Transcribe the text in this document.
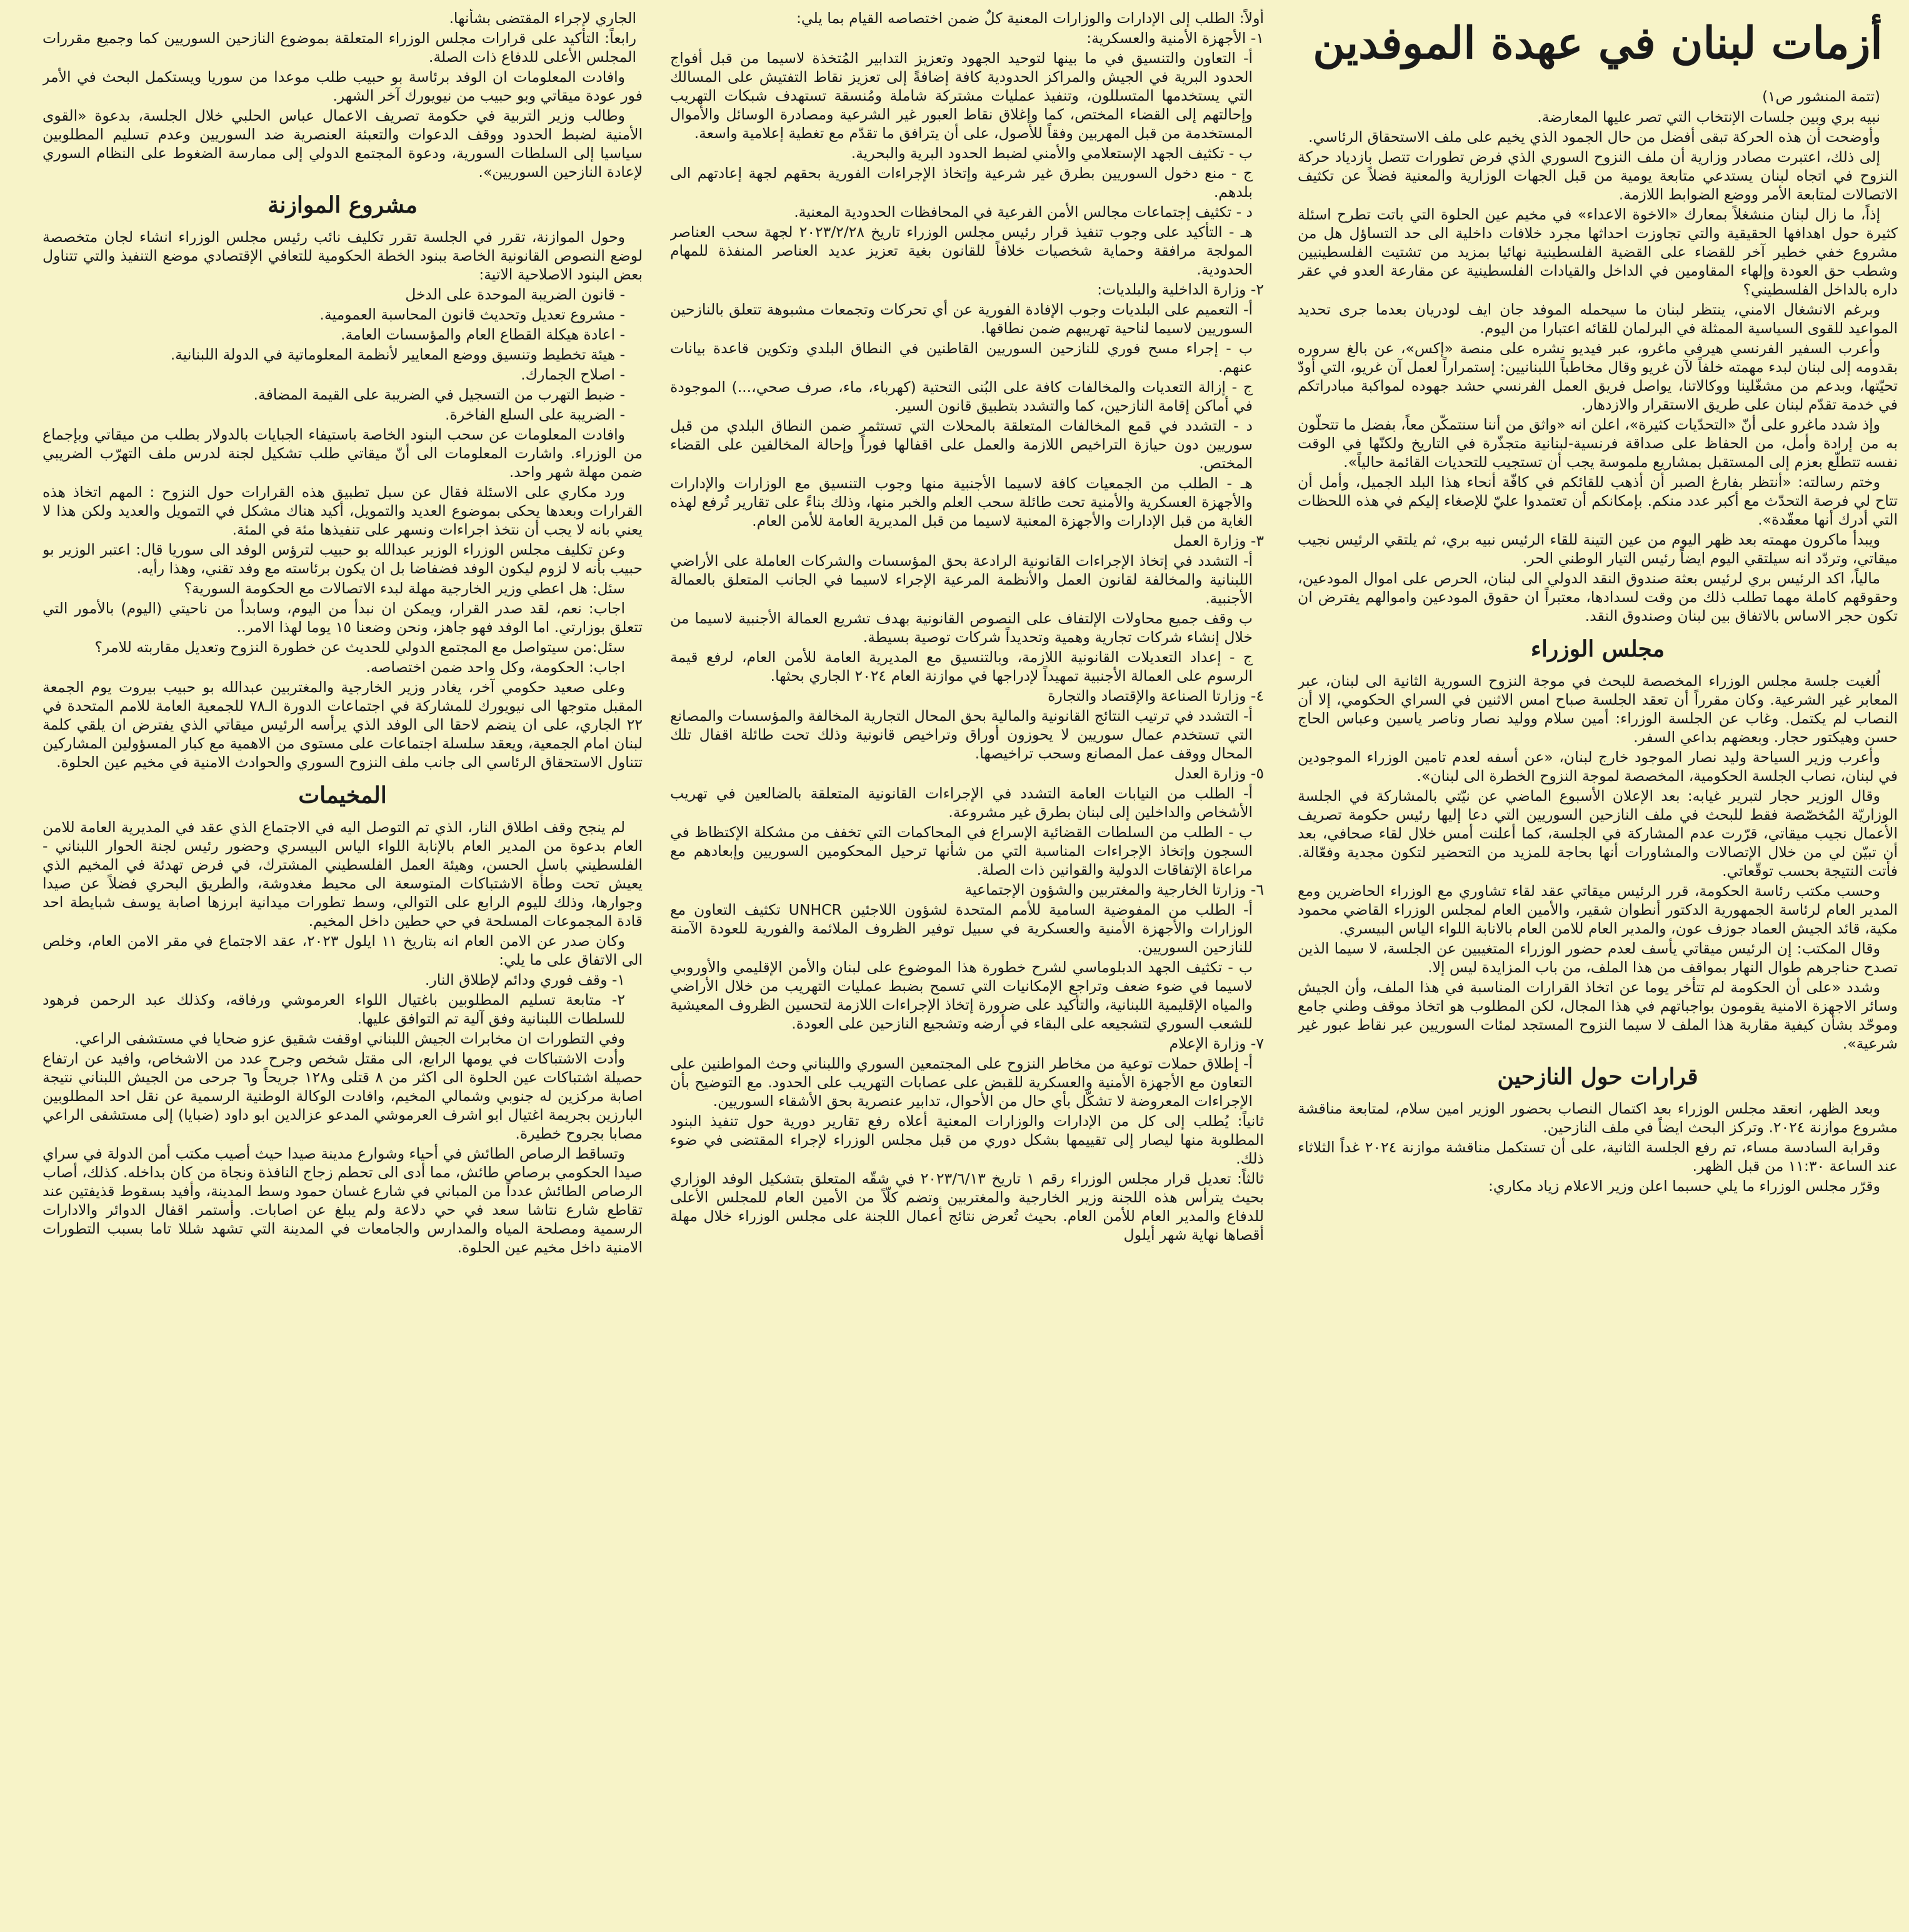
أزمات لبنان في عهدة الموفدين

(تتمة المنشور ص١)

نبيه بري وبين جلسات الإنتخاب التي تصر عليها المعارضة.

وأوضحت أن هذه الحركة تبقى أفضل من حال الجمود الذي يخيم على ملف الاستحقاق الرئاسي.

إلى ذلك، اعتبرت مصادر وزارية أن ملف النزوح السوري الذي فرض تطورات تتصل بازدياد حركة النزوح في اتجاه لبنان يستدعي متابعة يومية من قبل الجهات الوزارية والمعنية فضلاً عن تكثيف الاتصالات لمتابعة الأمر ووضع الضوابط اللازمة.

إذاً، ما زال لبنان منشغلاً بمعارك «الاخوة الاعداء» في مخيم عين الحلوة التي باتت تطرح اسئلة كثيرة حول اهدافها الحقيقية والتي تجاوزت احداثها مجرد خلافات داخلية الى حد التساؤل هل من مشروع خفي خطير آخر للقضاء على القضية الفلسطينية نهائيا بمزيد من تشتيت الفلسطينيين وشطب حق العودة وإلهاء المقاومين في الداخل والقيادات الفلسطينية عن مقارعة العدو في عقر داره بالداخل الفلسطيني؟

وبرغم الانشغال الامني، ينتظر لبنان ما سيحمله الموفد جان ايف لودريان بعدما جرى تحديد المواعيد للقوى السياسية الممثلة في البرلمان للقائه اعتبارا من اليوم.

وأعرب السفير الفرنسي هيرفي ماغرو، عبر فيديو نشره على منصة «إكس»، عن بالغ سروره بقدومه إلى لبنان لبدء مهمته خلفاً لآن غريو وقال مخاطباً اللبنانيين: إستمراراً لعمل آن غريو، التي أودّ تحيّتها، وبدعم من مشغّلينا ووكالاتنا، يواصل فريق العمل الفرنسي حشد جهوده لمواكبة مبادراتكم في خدمة تقدّم لبنان على طريق الاستقرار والازدهار.

وإذ شدد ماغرو على أنّ «التحدّيات كثيرة»، اعلن انه «واثق من أننا سنتمكّن معاً، بفضل ما تتحلّون به من إرادة وأمل، من الحفاظ على صداقة فرنسية-لبنانية متجذّرة في التاريخ ولكنّها في الوقت نفسه تتطلّع بعزم إلى المستقبل بمشاريع ملموسة يجب أن تستجيب للتحديات القائمة حالياً».

وختم رسالته: «أنتظر بفارغ الصبر أن أذهب للقائكم في كافّة أنحاء هذا البلد الجميل، وأمل أن تتاح لي فرصة التحدّث مع أكبر عدد منكم. بإمكانكم أن تعتمدوا عليّ للإصغاء إليكم في هذه اللحظات التي أدرك أنها معقّدة».

ويبدأ ماكرون مهمته بعد ظهر اليوم من عين التينة للقاء الرئيس نبيه بري، ثم يلتقي الرئيس نجيب ميقاتي، وتردّد انه سيلتقي اليوم ايضاً رئيس التيار الوطني الحر.

مالياً، اكد الرئيس بري لرئيس بعثة صندوق النقد الدولي الى لبنان، الحرص على اموال المودعين، وحقوقهم كاملة مهما تطلب ذلك من وقت لسدادها، معتبراً ان حقوق المودعين واموالهم يفترض ان تكون حجر الاساس بالاتفاق بين لبنان وصندوق النقد.

مجلس الوزراء

اُلغيت جلسة مجلس الوزراء المخصصة للبحث في موجة النزوح السورية الثانية الى لبنان، عبر المعابر غير الشرعية. وكان مقرراً أن تعقد الجلسة صباح امس الاثنين في السراي الحكومي، إلا أن النصاب لم يكتمل. وغاب عن الجلسة الوزراء: أمين سلام ووليد نصار وناصر ياسين وعباس الحاج حسن وهيكتور حجار. وبعضهم بداعي السفر.

وأعرب وزير السياحة وليد نصار الموجود خارج لبنان، «عن أسفه لعدم تامين الوزراء الموجودين في لبنان، نصاب الجلسة الحكومية، المخصصة لموجة النزوح الخطرة الى لبنان».

وقال الوزير حجار لتبرير غيابه: بعد الإعلان الأسبوع الماضي عن نيّتي بالمشاركة في الجلسة الوزاريّة المُخصّصة فقط للبحث في ملف النازحين السوريين التي دعا إليها رئيس حكومة تصريف الأعمال نجيب ميقاتي، قرّرت عدم المشاركة في الجلسة، كما أعلنت أمس خلال لقاء صحافي، بعد أن تبيّن لي من خلال الإتصالات والمشاورات أنها بحاجة للمزيد من التحضير لتكون مجدية وفعّالة. فأتت النتيجة بحسب توقّعاتي.

وحسب مكتب رئاسة الحكومة، قرر الرئيس ميقاتي عقد لقاء تشاوري مع الوزراء الحاضرين ومع المدير العام لرئاسة الجمهورية الدكتور أنطوان شقير، والأمين العام لمجلس الوزراء القاضي محمود مكية، قائد الجيش العماد جوزف عون، والمدير العام للامن العام بالانابة اللواء الياس البيسري.

وقال المكتب: إن الرئيس ميقاتي يأسف لعدم حضور الوزراء المتغيبين عن الجلسة، لا سيما الذين تصدح حناجرهم طوال النهار بمواقف من هذا الملف، من باب المزايدة ليس إلا.

وشدد «على أن الحكومة لم تتأخر يوما عن اتخاذ القرارات المناسبة في هذا الملف، وأن الجيش وسائر الاجهزة الامنية يقومون بواجباتهم في هذا المجال، لكن المطلوب هو اتخاذ موقف وطني جامع وموحّد بشأن كيفية مقاربة هذا الملف لا سيما النزوح المستجد لمئات السوريين عبر نقاط عبور غير شرعية».

قرارات حول النازحين

وبعد الظهر، انعقد مجلس الوزراء بعد اكتمال النصاب بحضور الوزير امين سلام، لمتابعة مناقشة مشروع موازنة ٢٠٢٤. وتركز البحث ايضاً في ملف النازحين.

وقرابة السادسة مساء، تم رفع الجلسة الثانية، على أن تستكمل مناقشة موازنة ٢٠٢٤ غداً الثلاثاء عند الساعة ١١:٣٠ من قبل الظهر.

وقرّر مجلس الوزراء ما يلي حسبما اعلن وزير الاعلام زياد مكاري:

أولاً: الطلب إلى الإدارات والوزارات المعنية كلٌ ضمن اختصاصه القيام بما يلي:

١- الأجهزة الأمنية والعسكرية:

أ- التعاون والتنسيق في ما بينها لتوحيد الجهود وتعزيز التدابير المُتخذة لاسيما من قبل أفواج الحدود البرية في الجيش والمراكز الحدودية كافة إضافةً إلى تعزيز نقاط التفتيش على المسالك التي يستخدمها المتسللون، وتنفيذ عمليات مشتركة شاملة ومُنسقة تستهدف شبكات التهريب وإحالتهم إلى القضاء المختص، كما وإغلاق نقاط العبور غير الشرعية ومصادرة الوسائل والأموال المستخدمة من قبل المهربين وفقاً للأصول، على أن يترافق ما تقدّم مع تغطية إعلامية واسعة.

ب - تكثيف الجهد الإستعلامي والأمني لضبط الحدود البرية والبحرية.

ج - منع دخول السوريين بطرق غير شرعية وإتخاذ الإجراءات الفورية بحقهم لجهة إعادتهم الى بلدهم.

د - تكثيف إجتماعات مجالس الأمن الفرعية في المحافظات الحدودية المعنية.

هـ - التأكيد على وجوب تنفيذ قرار رئيس مجلس الوزراء تاريخ ٢٠٢٣/٢/٢٨ لجهة سحب العناصر المولجة مرافقة وحماية شخصيات خلافاً للقانون بغية تعزيز عديد العناصر المنفذة للمهام الحدودية.

٢- وزارة الداخلية والبلديات:

أ- التعميم على البلديات وجوب الإفادة الفورية عن أي تحركات وتجمعات مشبوهة تتعلق بالنازحين السوريين لاسيما لناحية تهريبهم ضمن نطاقها.

ب - إجراء مسح فوري للنازحين السوريين القاطنين في النطاق البلدي وتكوين قاعدة بيانات عنهم.

ج - إزالة التعديات والمخالفات كافة على البُنى التحتية (كهرباء، ماء، صرف صحي،...) الموجودة في أماكن إقامة النازحين، كما والتشدد بتطبيق قانون السير.

د - التشدد في قمع المخالفات المتعلقة بالمحلات التي تستثمر ضمن النطاق البلدي من قبل سوريين دون حيازة التراخيص اللازمة والعمل على اقفالها فوراً وإحالة المخالفين على القضاء المختص.

هـ - الطلب من الجمعيات كافة لاسيما الأجنبية منها وجوب التنسيق مع الوزارات والإدارات والأجهزة العسكرية والأمنية تحت طائلة سحب العلم والخبر منها، وذلك بناءً على تقارير تُرفع لهذه الغاية من قبل الإدارات والأجهزة المعنية لاسيما من قبل المديرية العامة للأمن العام.

٣- وزارة العمل

أ- التشدد في إتخاذ الإجراءات القانونية الرادعة بحق المؤسسات والشركات العاملة على الأراضي اللبنانية والمخالفة لقانون العمل والأنظمة المرعية الإجراء لاسيما في الجانب المتعلق بالعمالة الأجنبية.

ب وقف جميع محاولات الإلتفاف على النصوص القانونية بهدف تشريع العمالة الأجنبية لاسيما من خلال إنشاء شركات تجارية وهمية وتحديداً شركات توصية بسيطة.

ج - إعداد التعديلات القانونية اللازمة، وبالتنسيق مع المديرية العامة للأمن العام، لرفع قيمة الرسوم على العمالة الأجنبية تمهيداً لإدراجها في موازنة العام ٢٠٢٤ الجاري بحثها.

٤- وزارتا الصناعة والإقتصاد والتجارة

أ- التشدد في ترتيب النتائج القانونية والمالية بحق المحال التجارية المخالفة والمؤسسات والمصانع التي تستخدم عمال سوريين لا يحوزون أوراق وتراخيص قانونية وذلك تحت طائلة اقفال تلك المحال ووقف عمل المصانع وسحب تراخيصها.

٥- وزارة العدل

أ- الطلب من النيابات العامة التشدد في الإجراءات القانونية المتعلقة بالضالعين في تهريب الأشخاص والداخلين إلى لبنان بطرق غير مشروعة.

ب - الطلب من السلطات القضائية الإسراع في المحاكمات التي تخفف من مشكلة الإكتظاظ في السجون وإتخاذ الإجراءات المناسبة التي من شأنها ترحيل المحكومين السوريين وإبعادهم مع مراعاة الإتفاقات الدولية والقوانين ذات الصلة.

٦- وزارتا الخارجية والمغتربين والشؤون الإجتماعية

أ- الطلب من المفوضية السامية للأمم المتحدة لشؤون اللاجئين UNHCR تكثيف التعاون مع الوزارات والأجهزة الأمنية والعسكرية في سبيل توفير الظروف الملائمة والفورية للعودة الآمنة للنازحين السوريين.

ب - تكثيف الجهد الدبلوماسي لشرح خطورة هذا الموضوع على لبنان والأمن الإقليمي والأوروبي لاسيما في ضوء ضعف وتراجع الإمكانيات التي تسمح بضبط عمليات التهريب من خلال الأراضي والمياه الإقليمية اللبنانية، والتأكيد على ضرورة إتخاذ الإجراءات اللازمة لتحسين الظروف المعيشية للشعب السوري لتشجيعه على البقاء في أرضه وتشجيع النازحين على العودة.

٧- وزارة الإعلام

أ- إطلاق حملات توعية من مخاطر النزوح على المجتمعين السوري واللبناني وحث المواطنين على التعاون مع الأجهزة الأمنية والعسكرية للقبض على عصابات التهريب على الحدود. مع التوضيح بأن الإجراءات المعروضة لا تشكّل بأي حال من الأحوال، تدابير عنصرية بحق الأشقاء السوريين.

ثانياً: يُطلب إلى كل من الإدارات والوزارات المعنية أعلاه رفع تقارير دورية حول تنفيذ البنود المطلوبة منها ليصار إلى تقييمها بشكل دوري من قبل مجلس الوزراء لإجراء المقتضى في ضوء ذلك.

ثالثاً: تعديل قرار مجلس الوزراء رقم ١ تاريخ ٢٠٢٣/٦/١٣ في شقّه المتعلق بتشكيل الوفد الوزاري بحيث يترأس هذه اللجنة وزير الخارجية والمغتربين وتضم كلّاً من الأمين العام للمجلس الأعلى للدفاع والمدير العام للأمن العام. بحيث تُعرض نتائج أعمال اللجنة على مجلس الوزراء خلال مهلة أقصاها نهاية شهر أيلول

الجاري لإجراء المقتضى بشأنها.

رابعاً: التأكيد على قرارات مجلس الوزراء المتعلقة بموضوع النازحين السوريين كما وجميع مقررات المجلس الأعلى للدفاع ذات الصلة.

وافادت المعلومات ان الوفد برئاسة بو حبيب طلب موعدا من سوريا ويستكمل البحث في الأمر فور عودة ميقاتي وبو حبيب من نيويورك آخر الشهر.

وطالب وزير التربية في حكومة تصريف الاعمال عباس الحلبي خلال الجلسة، بدعوة «القوى الأمنية لضبط الحدود ووقف الدعوات والتعبئة العنصرية ضد السوريين وعدم تسليم المطلوبين سياسيا إلى السلطات السورية، ودعوة المجتمع الدولي إلى ممارسة الضغوط على النظام السوري لإعادة النازحين السوريين».

مشروع الموازنة

وحول الموازنة، تقرر في الجلسة تقرر تكليف نائب رئيس مجلس الوزراء انشاء لجان متخصصة لوضع النصوص القانونية الخاصة ببنود الخطة الحكومية للتعافي الإقتصادي موضع التنفيذ والتي تتناول بعض البنود الاصلاحية الاتية:

- قانون الضريبة الموحدة على الدخل

- مشروع تعديل وتحديث قانون المحاسبة العمومية.

- اعادة هيكلة القطاع العام والمؤسسات العامة.

- هيئة تخطيط وتنسيق ووضع المعايير لأنظمة المعلوماتية في الدولة اللبنانية.

- اصلاح الجمارك.

- ضبط التهرب من التسجيل في الضريبة على القيمة المضافة.

- الضريبة على السلع الفاخرة.

وافادت المعلومات عن سحب البنود الخاصة باستيفاء الجبايات بالدولار بطلب من ميقاتي وبإجماع من الوزراء. واشارت المعلومات الى أنّ ميقاتي طلب تشكيل لجنة لدرس ملف التهرّب الضريبي ضمن مهلة شهر واحد.

ورد مكاري على الاسئلة فقال عن سبل تطبيق هذه القرارات حول النزوح : المهم اتخاذ هذه القرارات وبعدها يحكى بموضوع العديد والتمويل، أكيد هناك مشكل في التمويل والعديد ولكن هذا لا يعني بانه لا يجب أن نتخذ اجراءات ونسهر على تنفيذها مئة في المئة.

وعن تكليف مجلس الوزراء الوزير عبدالله بو حبيب لترؤس الوفد الى سوريا قال: اعتبر الوزير بو حبيب بأنه لا لزوم ليكون الوفد فضفاضا بل ان يكون برئاسته مع وفد تقني، وهذا رأيه.

سئل: هل اعطي وزير الخارجية مهلة لبدء الاتصالات مع الحكومة السورية؟

اجاب: نعم، لقد صدر القرار، ويمكن ان نبدأ من اليوم، وسابدأ من ناحيتي (اليوم) بالأمور التي تتعلق بوزارتي. اما الوفد فهو جاهز، ونحن وضعنا ١٥ يوما لهذا الامر..

سئل:من سيتواصل مع المجتمع الدولي للحديث عن خطورة النزوح وتعديل مقاربته للامر؟

اجاب: الحكومة، وكل واحد ضمن اختصاصه.

وعلى صعيد حكومي آخر، يغادر وزير الخارجية والمغتربين عبدالله بو حبيب بيروت يوم الجمعة المقبل متوجها الى نيويورك للمشاركة في اجتماعات الدورة الـ٧٨ للجمعية العامة للامم المتحدة في ٢٢ الجاري، على ان ينضم لاحقا الى الوفد الذي يرأسه الرئيس ميقاتي الذي يفترض ان يلقي كلمة لبنان امام الجمعية، ويعقد سلسلة اجتماعات على مستوى من الاهمية مع كبار المسؤولين المشاركين تتناول الاستحقاق الرئاسي الى جانب ملف النزوح السوري والحوادث الامنية في مخيم عين الحلوة.

المخيمات

لم ينجح وقف اطلاق النار، الذي تم التوصل اليه في الاجتماع الذي عقد في المديرية العامة للامن العام بدعوة من المدير العام بالإنابة اللواء الياس البيسري وحضور رئيس لجنة الحوار اللبناني - الفلسطيني باسل الحسن، وهيئة العمل الفلسطيني المشترك، في فرض تهدئة في المخيم الذي يعيش تحت وطأة الاشتباكات المتوسعة الى محيط مغدوشة، والطريق البحري فضلاً عن صيدا وجوارها، وذلك لليوم الرابع على التوالي، وسط تطورات ميدانية ابرزها اصابة يوسف شبايطة احد قادة المجموعات المسلحة في حي حطين داخل المخيم.

وكان صدر عن الامن العام انه بتاريخ ١١ ايلول ٢٠٢٣، عقد الاجتماع في مقر الامن العام، وخلص الى الاتفاق على ما يلي:

١- وقف فوري ودائم لإطلاق النار.

٢- متابعة تسليم المطلوبين باغتيال اللواء العرموشي ورفاقه، وكذلك عبد الرحمن فرهود للسلطات اللبنانية وفق آلية تم التوافق عليها.

وفي التطورات ان مخابرات الجيش اللبناني اوقفت شقيق عزو ضحايا في مستشفى الراعي.

وأدت الاشتباكات في يومها الرابع، الى مقتل شخص وجرح عدد من الاشخاص، وافيد عن ارتفاع حصيلة اشتباكات عين الحلوة الى اكثر من ٨ قتلى و١٢٨ جريحاً و٦ جرحى من الجيش اللبناني نتيجة اصابة مركزين له جنوبي وشمالي المخيم، وافادت الوكالة الوطنية الرسمية عن نقل احد المطلوبين البارزين بجريمة اغتيال ابو اشرف العرموشي المدعو عزالدين ابو داود (ضبايا) إلى مستشفى الراعي مصابا بجروح خطيرة.

وتساقط الرصاص الطائش في أحياء وشوارع مدينة صيدا حيث أصيب مكتب أمن الدولة في سراي صيدا الحكومي برصاص طائش، مما أدى الى تحطم زجاج النافذة ونجاة من كان بداخله. كذلك، أصاب الرصاص الطائش عدداً من المباني في شارع غسان حمود وسط المدينة، وأفيد بسقوط قذيفتين عند تقاطع شارع نتاشا سعد في حي دلاعة ولم يبلغ عن اصابات. وأستمر اقفال الدوائر والادارات الرسمية ومصلحة المياه والمدارس والجامعات في المدينة التي تشهد شللا تاما بسبب التطورات الامنية داخل مخيم عين الحلوة.
